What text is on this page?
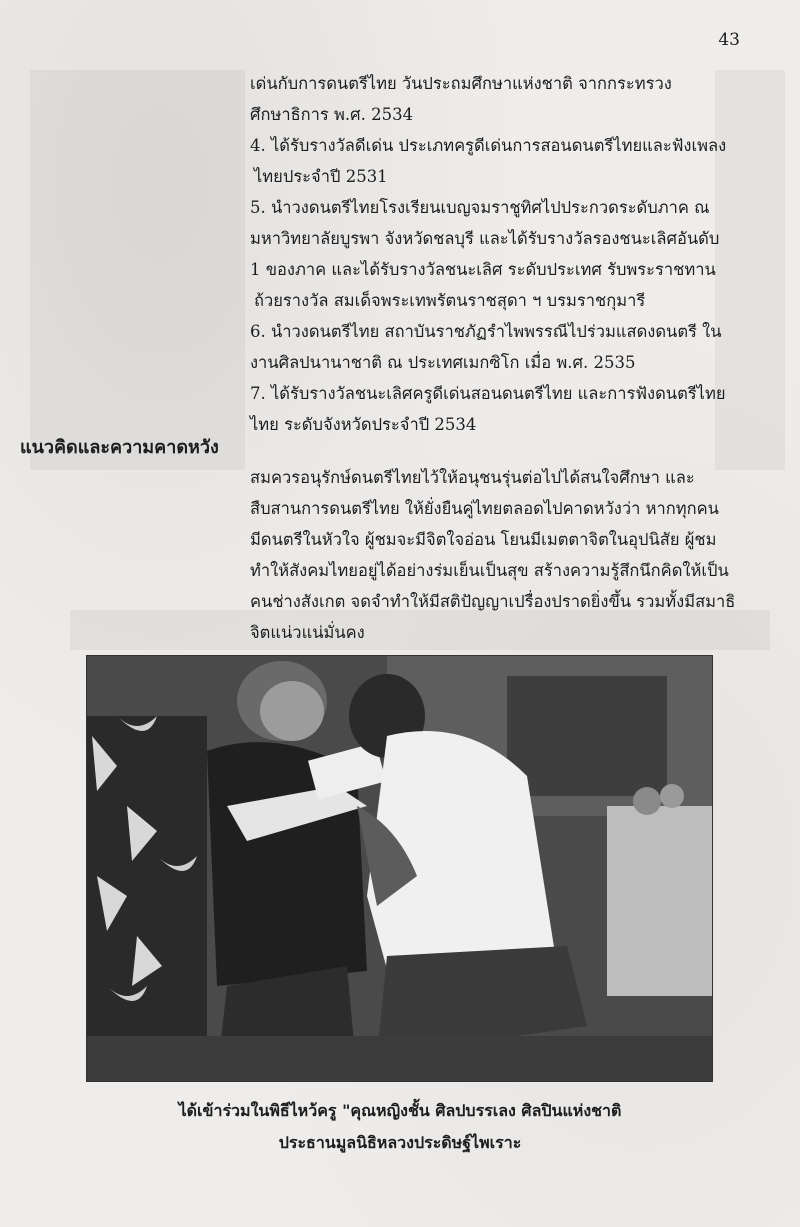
43

เด่นกับการดนตรีไทย วันประถมศึกษาแห่งชาติ จากกระทรวง

ศึกษาธิการ พ.ศ. 2534

4. ได้รับรางวัลดีเด่น ประเภทครูดีเด่นการสอนดนตรีไทยและฟังเพลง

ไทยประจำปี 2531

5. นำวงดนตรีไทยโรงเรียนเบญจมราชูทิศไปประกวดระดับภาค ณ

มหาวิทยาลัยบูรพา จังหวัดชลบุรี และได้รับรางวัลรองชนะเลิศอันดับ

1 ของภาค และได้รับรางวัลชนะเลิศ ระดับประเทศ รับพระราชทาน

ถ้วยรางวัล สมเด็จพระเทพรัตนราชสุดา ฯ บรมราชกุมารี

6. นำวงดนตรีไทย สถาบันราชภัฏรำไพพรรณีไปร่วมแสดงดนตรี ใน

งานศิลปนานาชาติ ณ ประเทศเมกซิโก เมื่อ พ.ศ. 2535

7. ได้รับรางวัลชนะเลิศครูดีเด่นสอนดนตรีไทย และการฟังดนตรีไทย

ไทย ระดับจังหวัดประจำปี 2534

แนวคิดและความคาดหวัง

สมควรอนุรักษ์ดนตรีไทยไว้ให้อนุชนรุ่นต่อไปได้สนใจศึกษา และ

สืบสานการดนตรีไทย ให้ยั่งยืนคู่ไทยตลอดไปคาดหวังว่า หากทุกคน

มีดนตรีในหัวใจ ผู้ชมจะมีจิตใจอ่อน โยนมีเมตตาจิตในอุปนิสัย ผู้ชม

ทำให้สังคมไทยอยู่ได้อย่างร่มเย็นเป็นสุข สร้างความรู้สึกนึกคิดให้เป็น

คนช่างสังเกต จดจำทำให้มีสติปัญญาเปรื่องปราดยิ่งขึ้น รวมทั้งมีสมาธิ

จิตแน่วแน่มั่นคง

ได้เข้าร่วมในพิธีไหว้ครู "คุณหญิงชั้น ศิลปบรรเลง ศิลปินแห่งชาติ

ประธานมูลนิธิหลวงประดิษฐ์ไพเราะ
